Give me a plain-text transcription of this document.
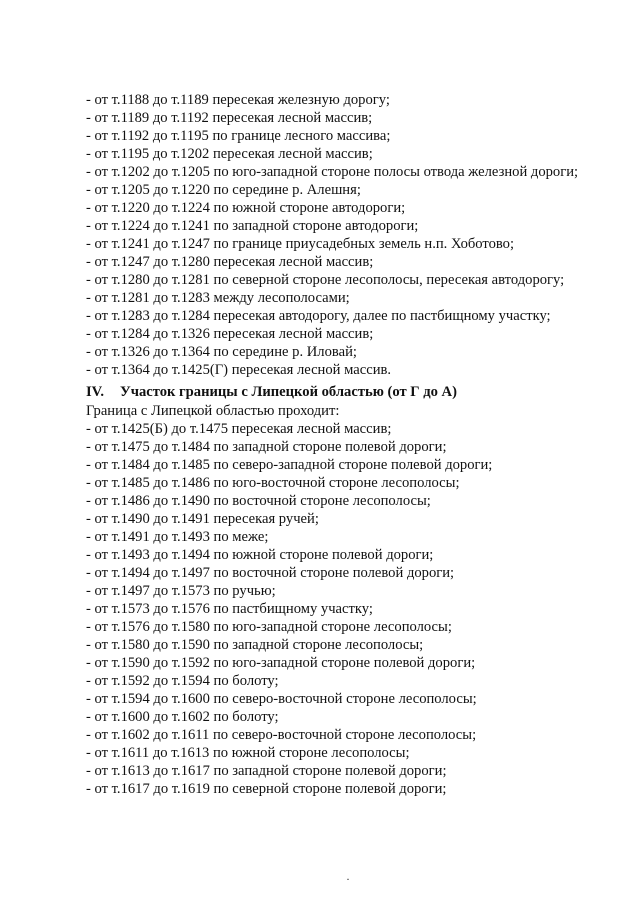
- от т.1188 до т.1189 пересекая железную дорогу;
- от т.1189 до т.1192 пересекая лесной массив;
- от т.1192 до т.1195 по границе лесного массива;
- от т.1195 до т.1202 пересекая лесной массив;
- от т.1202 до т.1205 по юго-западной стороне полосы отвода железной дороги;
- от т.1205 до т.1220 по середине р. Алешня;
- от т.1220 до т.1224 по южной стороне автодороги;
- от т.1224 до т.1241 по западной стороне автодороги;
- от т.1241 до т.1247 по границе приусадебных земель н.п. Хоботово;
- от т.1247 до т.1280 пересекая лесной массив;
- от т.1280 до т.1281 по северной стороне лесополосы, пересекая автодорогу;
- от т.1281 до т.1283 между лесополосами;
- от т.1283 до т.1284 пересекая автодорогу, далее по пастбищному участку;
- от т.1284 до т.1326 пересекая лесной массив;
- от т.1326 до т.1364 по середине р. Иловай;
- от т.1364 до т.1425(Г) пересекая лесной массив.
IV. Участок границы с Липецкой областью (от Г до А)
Граница с Липецкой областью проходит:
- от т.1425(Б) до т.1475 пересекая лесной массив;
- от т.1475 до т.1484 по западной стороне полевой дороги;
- от т.1484 до т.1485 по северо-западной стороне полевой дороги;
- от т.1485 до т.1486 по юго-восточной стороне лесополосы;
- от т.1486 до т.1490 по восточной стороне лесополосы;
- от т.1490 до т.1491 пересекая ручей;
- от т.1491 до т.1493 по меже;
- от т.1493 до т.1494 по южной стороне полевой дороги;
- от т.1494 до т.1497 по восточной стороне полевой дороги;
- от т.1497 до т.1573 по ручью;
- от т.1573 до т.1576 по пастбищному участку;
- от т.1576 до т.1580 по юго-западной стороне лесополосы;
- от т.1580 до т.1590 по западной стороне лесополосы;
- от т.1590 до т.1592 по юго-западной стороне полевой дороги;
- от т.1592 до т.1594 по болоту;
- от т.1594 до т.1600 по северо-восточной стороне лесополосы;
- от т.1600 до т.1602 по болоту;
- от т.1602 до т.1611 по северо-восточной стороне лесополосы;
- от т.1611 до т.1613 по южной стороне лесополосы;
- от т.1613 до т.1617 по западной стороне полевой дороги;
- от т.1617 до т.1619 по северной стороне полевой дороги;
·
